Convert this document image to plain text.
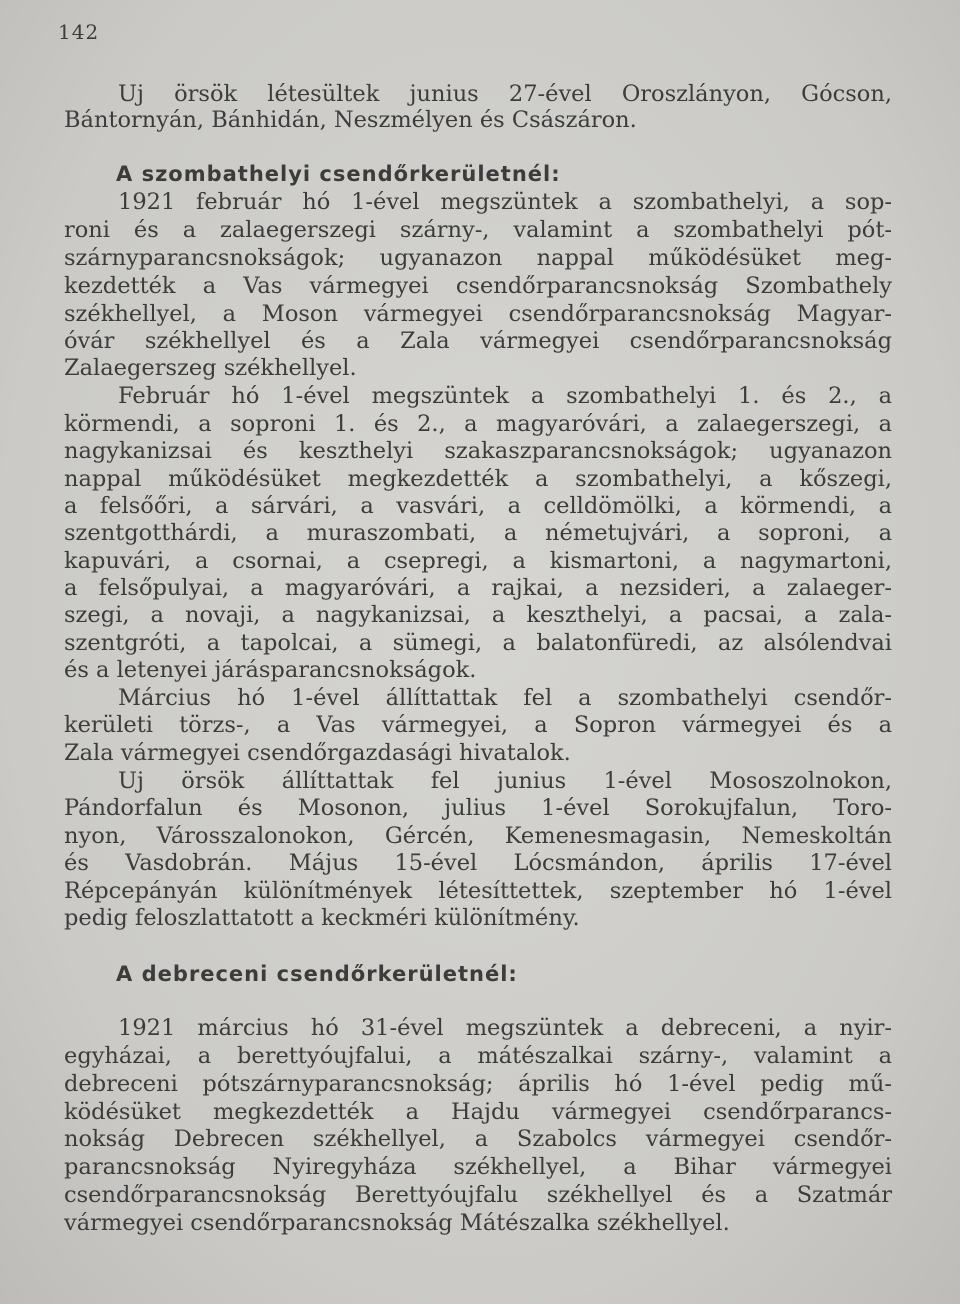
142
Uj örsök létesültek junius 27-ével Oroszlányon, Gócson,
Bántornyán, Bánhidán, Neszmélyen és Császáron.
A szombathelyi csendőrkerületnél:
1921 február hó 1-ével megszüntek a szombathelyi, a sop-
roni és a zalaegerszegi szárny-, valamint a szombathelyi pót-
szárnyparancsnokságok; ugyanazon nappal működésüket meg-
kezdették a Vas vármegyei csendőrparancsnokság Szombathely
székhellyel, a Moson vármegyei csendőrparancsnokság Magyar-
óvár székhellyel és a Zala vármegyei csendőrparancsnokság
Zalaegerszeg székhellyel.
Február hó 1-ével megszüntek a szombathelyi 1. és 2., a
körmendi, a soproni 1. és 2., a magyaróvári, a zalaegerszegi, a
nagykanizsai és keszthelyi szakaszparancsnokságok; ugyanazon
nappal működésüket megkezdették a szombathelyi, a kőszegi,
a felsőőri, a sárvári, a vasvári, a celldömölki, a körmendi, a
szentgotthárdi, a muraszombati, a németujvári, a soproni, a
kapuvári, a csornai, a csepregi, a kismartoni, a nagymartoni,
a felsőpulyai, a magyaróvári, a rajkai, a nezsideri, a zalaeger-
szegi, a novaji, a nagykanizsai, a keszthelyi, a pacsai, a zala-
szentgróti, a tapolcai, a sümegi, a balatonfüredi, az alsólendvai
és a letenyei járásparancsnokságok.
Március hó 1-ével állíttattak fel a szombathelyi csendőr-
kerületi törzs-, a Vas vármegyei, a Sopron vármegyei és a
Zala vármegyei csendőrgazdasági hivatalok.
Uj örsök állíttattak fel junius 1-ével Mososzolnokon,
Pándorfalun és Mosonon, julius 1-ével Sorokujfalun, Toro-
nyon, Városszalonokon, Gércén, Kemenesmagasin, Nemeskoltán
és Vasdobrán. Május 15-ével Lócsmándon, április 17-ével
Répcepányán különítmények létesíttettek, szeptember hó 1-ével
pedig feloszlattatott a keckméri különítmény.
A debreceni csendőrkerületnél:
1921 március hó 31-ével megszüntek a debreceni, a nyir-
egyházai, a berettyóujfalui, a mátészalkai szárny-, valamint a
debreceni pótszárnyparancsnokság; április hó 1-ével pedig mű-
ködésüket megkezdették a Hajdu vármegyei csendőrparancs-
nokság Debrecen székhellyel, a Szabolcs vármegyei csendőr-
parancsnokság Nyiregyháza székhellyel, a Bihar vármegyei
csendőrparancsnokság Berettyóujfalu székhellyel és a Szatmár
vármegyei csendőrparancsnokság Mátészalka székhellyel.
